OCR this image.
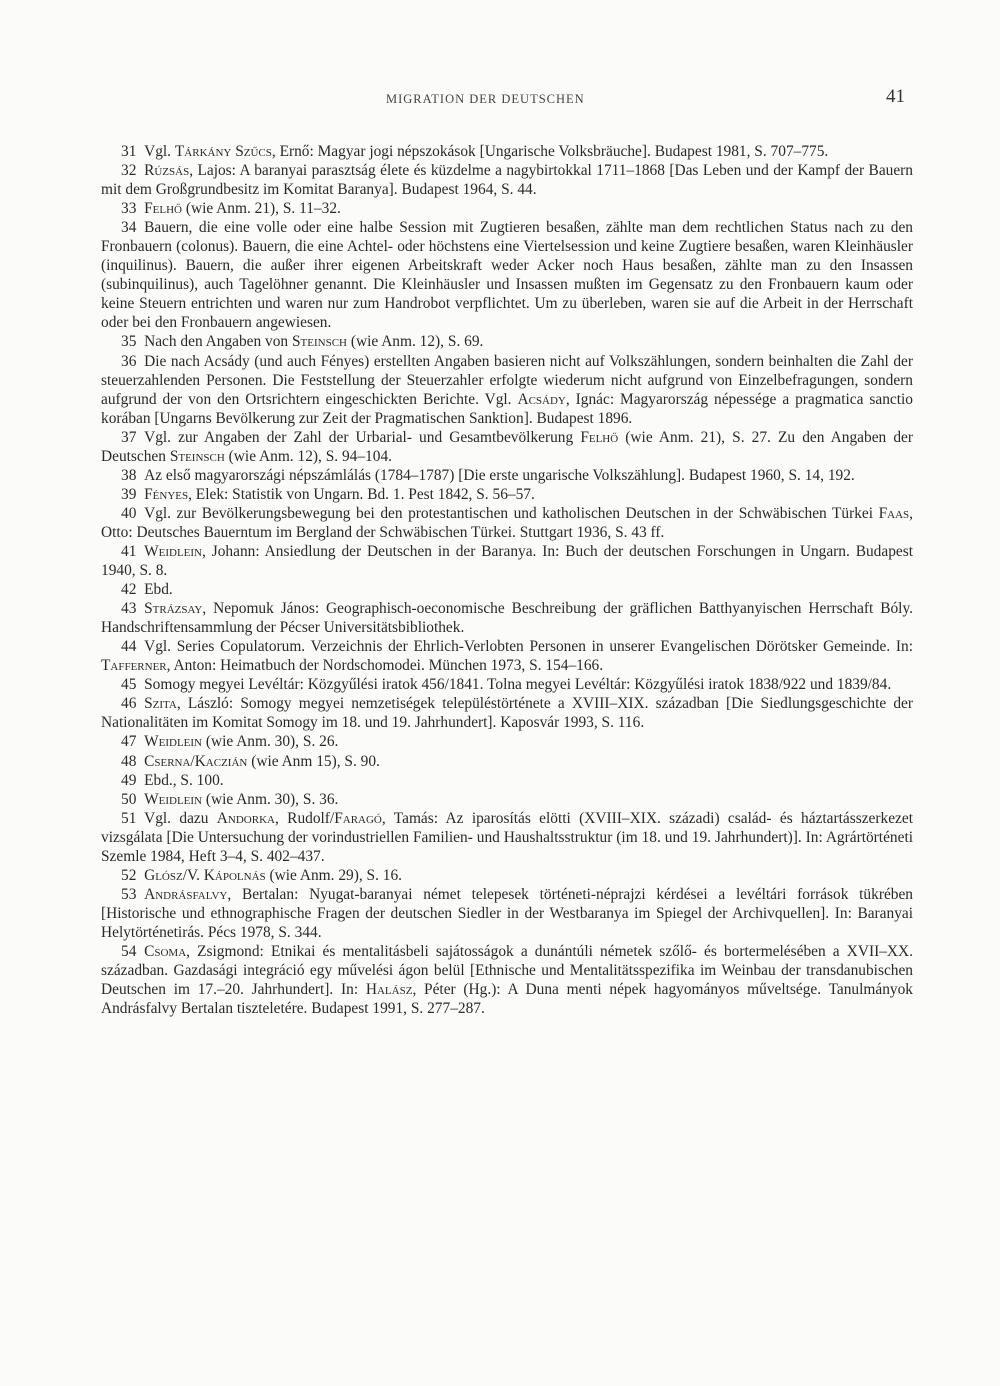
MIGRATION DER DEUTSCHEN	41

31  Vgl. Tárkány Szűcs, Ernő: Magyar jogi népszokások [Ungarische Volksbräuche]. Budapest 1981, S. 707–775.

32  Rúzsás, Lajos: A baranyai parasztság élete és küzdelme a nagybirtokkal 1711–1868 [Das Leben und der Kampf der Bauern mit dem Großgrundbesitz im Komitat Baranya]. Budapest 1964, S. 44.

33  Felhő (wie Anm. 21), S. 11–32.

34  Bauern, die eine volle oder eine halbe Session mit Zugtieren besaßen, zählte man dem rechtlichen Status nach zu den Fronbauern (colonus). Bauern, die eine Achtel- oder höchstens eine Viertelsession und keine Zugtiere besaßen, waren Kleinhäusler (inquilinus). Bauern, die außer ihrer eigenen Arbeitskraft weder Acker noch Haus besaßen, zählte man zu den Insassen (subinquilinus), auch Tagelöhner genannt. Die Kleinhäusler und Insassen mußten im Gegensatz zu den Fronbauern kaum oder keine Steuern entrichten und waren nur zum Handrobot verpflichtet. Um zu überleben, waren sie auf die Arbeit in der Herrschaft oder bei den Fronbauern angewiesen.

35  Nach den Angaben von Steinsch (wie Anm. 12), S. 69.

36  Die nach Acsády (und auch Fényes) erstellten Angaben basieren nicht auf Volkszählungen, sondern beinhalten die Zahl der steuerzahlenden Personen. Die Feststellung der Steuerzahler erfolgte wiederum nicht aufgrund von Einzelbefragungen, sondern aufgrund der von den Ortsrichtern eingeschickten Berichte. Vgl. Acsády, Ignác: Magyarország népessége a pragmatica sanctio korában [Ungarns Bevölkerung zur Zeit der Pragmatischen Sanktion]. Budapest 1896.

37  Vgl. zur Angaben der Zahl der Urbarial- und Gesamtbevölkerung Felhő (wie Anm. 21), S. 27. Zu den Angaben der Deutschen Steinsch (wie Anm. 12), S. 94–104.

38  Az első magyarországi népszámlálás (1784–1787) [Die erste ungarische Volkszählung]. Budapest 1960, S. 14, 192.

39  Fényes, Elek: Statistik von Ungarn. Bd. 1. Pest 1842, S. 56–57.

40  Vgl. zur Bevölkerungsbewegung bei den protestantischen und katholischen Deutschen in der Schwäbischen Türkei Faas, Otto: Deutsches Bauerntum im Bergland der Schwäbischen Türkei. Stuttgart 1936, S. 43 ff.

41  Weidlein, Johann: Ansiedlung der Deutschen in der Baranya. In: Buch der deutschen Forschungen in Ungarn. Budapest 1940, S. 8.

42  Ebd.

43  Strázsay, Nepomuk János: Geographisch-oeconomische Beschreibung der gräflichen Batthyanyischen Herrschaft Bóly. Handschriftensammlung der Pécser Universitätsbibliothek.

44  Vgl. Series Copulatorum. Verzeichnis der Ehrlich-Verlobten Personen in unserer Evangelischen Dörötsker Gemeinde. In: Tafferner, Anton: Heimatbuch der Nordschomodei. München 1973, S. 154–166.

45  Somogy megyei Levéltár: Közgyűlési iratok 456/1841. Tolna megyei Levéltár: Közgyűlési iratok 1838/922 und 1839/84.

46  Szita, László: Somogy megyei nemzetiségek településtörténete a XVIII–XIX. században [Die Siedlungsgeschichte der Nationalitäten im Komitat Somogy im 18. und 19. Jahrhundert]. Kaposvár 1993, S. 116.

47  Weidlein (wie Anm. 30), S. 26.

48  Cserna/Kaczián (wie Anm 15), S. 90.

49  Ebd., S. 100.

50  Weidlein (wie Anm. 30), S. 36.

51  Vgl. dazu Andorka, Rudolf/Faragó, Tamás: Az iparosítás elötti (XVIII–XIX. századi) család- és háztartásszerkezet vizsgálata [Die Untersuchung der vorindustriellen Familien- und Haushaltsstruktur (im 18. und 19. Jahrhundert)]. In: Agrártörténeti Szemle 1984, Heft 3–4, S. 402–437.

52  Glósz/V. Kápolnás (wie Anm. 29), S. 16.

53  Andrásfalvy, Bertalan: Nyugat-baranyai német telepesek történeti-néprajzi kérdései a levéltári források tükrében [Historische und ethnographische Fragen der deutschen Siedler in der Westbaranya im Spiegel der Archivquellen]. In: Baranyai Helytörténetirás. Pécs 1978, S. 344.

54  Csoma, Zsigmond: Etnikai és mentalitásbeli sajátosságok a dunántúli németek szőlő- és bortermelésében a XVII–XX. században. Gazdasági integráció egy művelési ágon belül [Ethnische und Mentalitätsspezifika im Weinbau der transdanubischen Deutschen im 17.–20. Jahrhundert]. In: Halász, Péter (Hg.): A Duna menti népek hagyományos műveltsége. Tanulmányok Andrásfalvy Bertalan tiszteletére. Budapest 1991, S. 277–287.
